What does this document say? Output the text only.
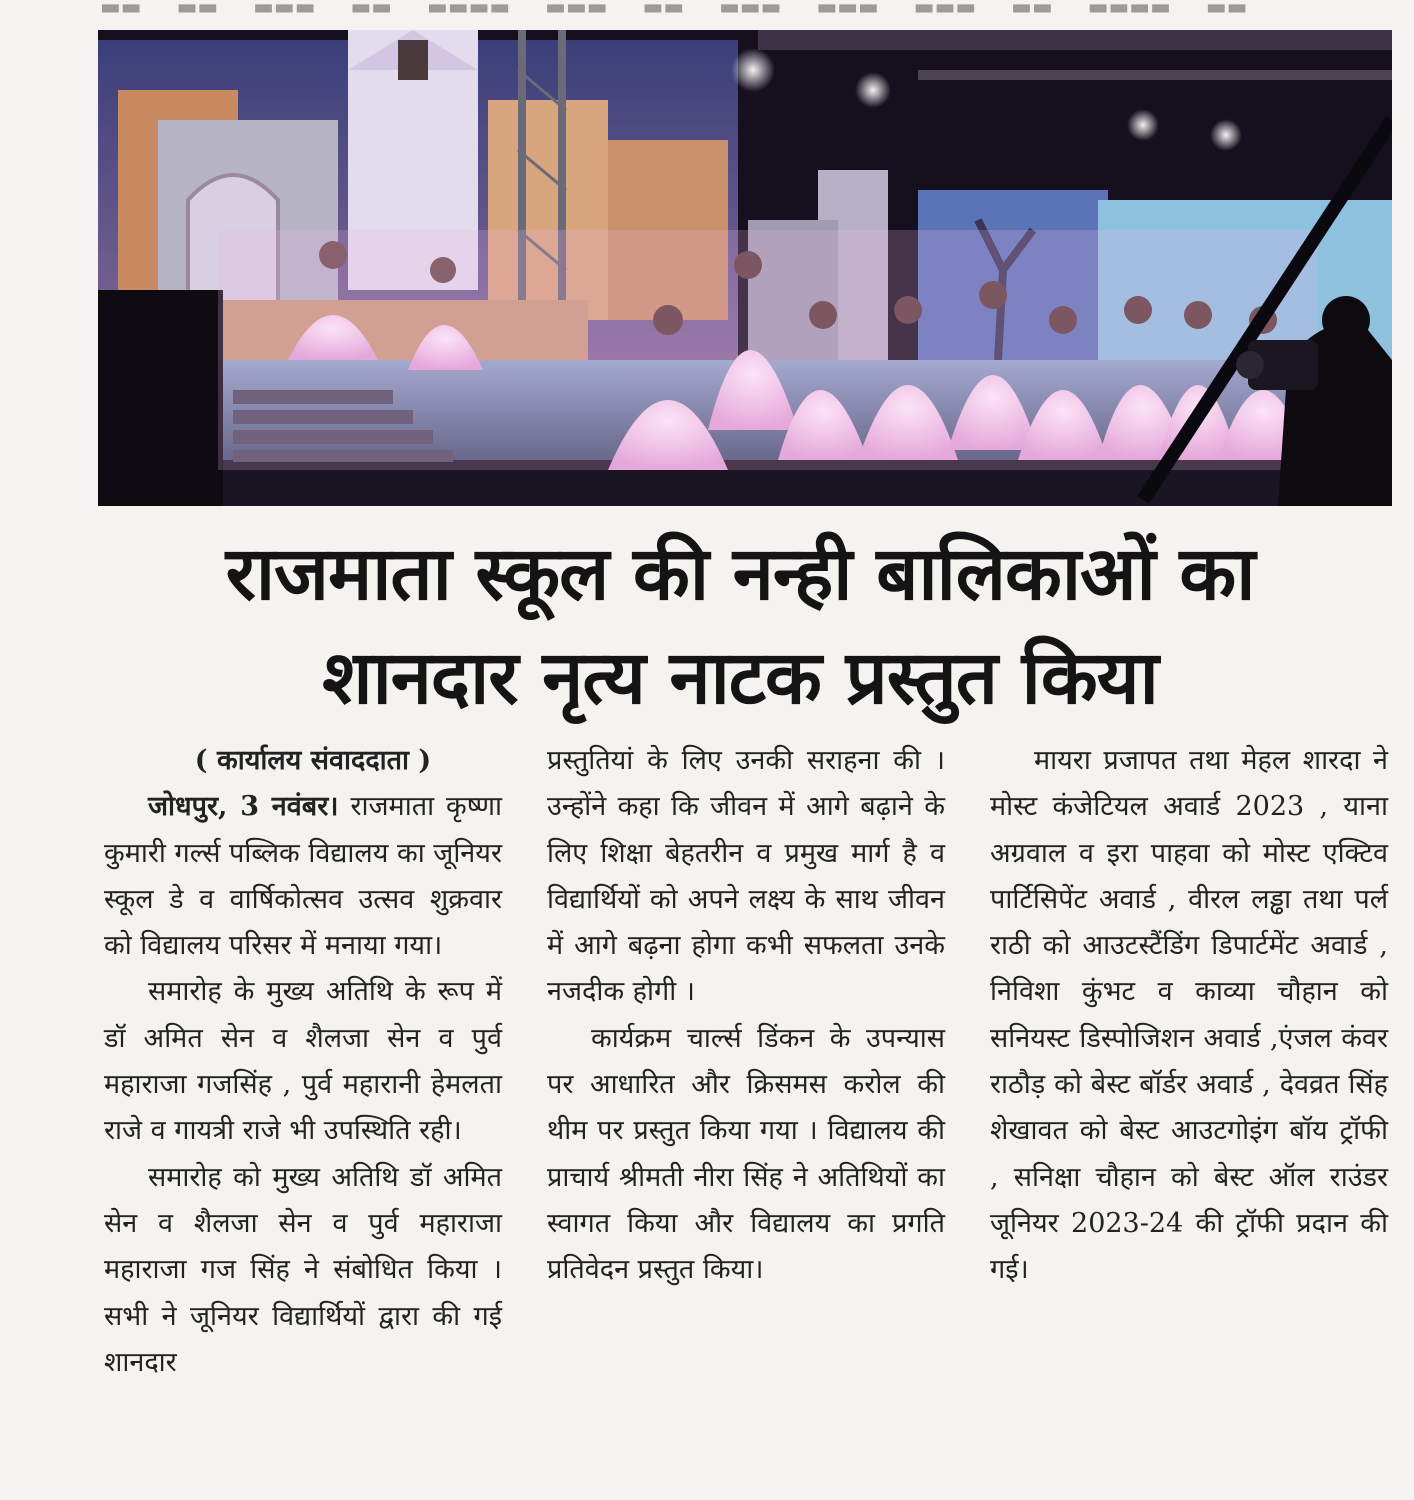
▬▬ ▬▬ ▬▬▬ ▬▬ ▬▬▬▬ ▬▬▬ ▬▬ ▬▬▬ ▬▬▬ ▬▬▬ ▬▬ ▬▬▬▬ ▬▬
राजमाता स्कूल की नन्ही बालिकाओं का
शानदार नृत्य नाटक प्रस्तुत किया

( कार्यालय संवाददाता )

जोधपुर, 3 नवंबर। राजमाता कृष्णा कुमारी गर्ल्स पब्लिक विद्यालय का जूनियर स्कूल डे व वार्षिकोत्सव उत्सव शुक्रवार को विद्यालय परिसर में मनाया गया।

समारोह के मुख्य अतिथि के रूप में डॉ अमित सेन व शैलजा सेन व पुर्व महाराजा गजसिंह , पुर्व महारानी हेमलता राजे व गायत्री राजे भी उपस्थिति रही।

समारोह को मुख्य अतिथि डॉ अमित सेन व शैलजा सेन व पुर्व महाराजा महाराजा गज सिंह ने संबोधित किया । सभी ने जूनियर विद्यार्थियों द्वारा की गई शानदार

प्रस्तुतियां के लिए उनकी सराहना की । उन्होंने कहा कि जीवन में आगे बढ़ाने के लिए शिक्षा बेहतरीन व प्रमुख मार्ग है व विद्यार्थियों को अपने लक्ष्य के साथ जीवन में आगे बढ़ना होगा कभी सफलता उनके नजदीक होगी ।

कार्यक्रम चार्ल्स डिंकन के उपन्यास पर आधारित और क्रिसमस करोल की थीम पर प्रस्तुत किया गया । विद्यालय की प्राचार्य श्रीमती नीरा सिंह ने अतिथियों का स्वागत किया और विद्यालय का प्रगति प्रतिवेदन प्रस्तुत किया।

मायरा प्रजापत तथा मेहल शारदा ने मोस्ट कंजेटियल अवार्ड 2023 , याना अग्रवाल व इरा पाहवा को मोस्ट एक्टिव पार्टिसिपेंट अवार्ड , वीरल लड्ढा तथा पर्ल राठी को आउटस्टैंडिंग डिपार्टमेंट अवार्ड , निविशा कुंभट व काव्या चौहान को सनियस्ट डिस्पोजिशन अवार्ड ,एंजल कंवर राठौड़ को बेस्ट बॉर्डर अवार्ड , देवव्रत सिंह शेखावत को बेस्ट आउटगोइंग बॉय ट्रॉफी , सनिक्षा चौहान को बेस्ट ऑल राउंडर जूनियर 2023-24 की ट्रॉफी प्रदान की गई।
